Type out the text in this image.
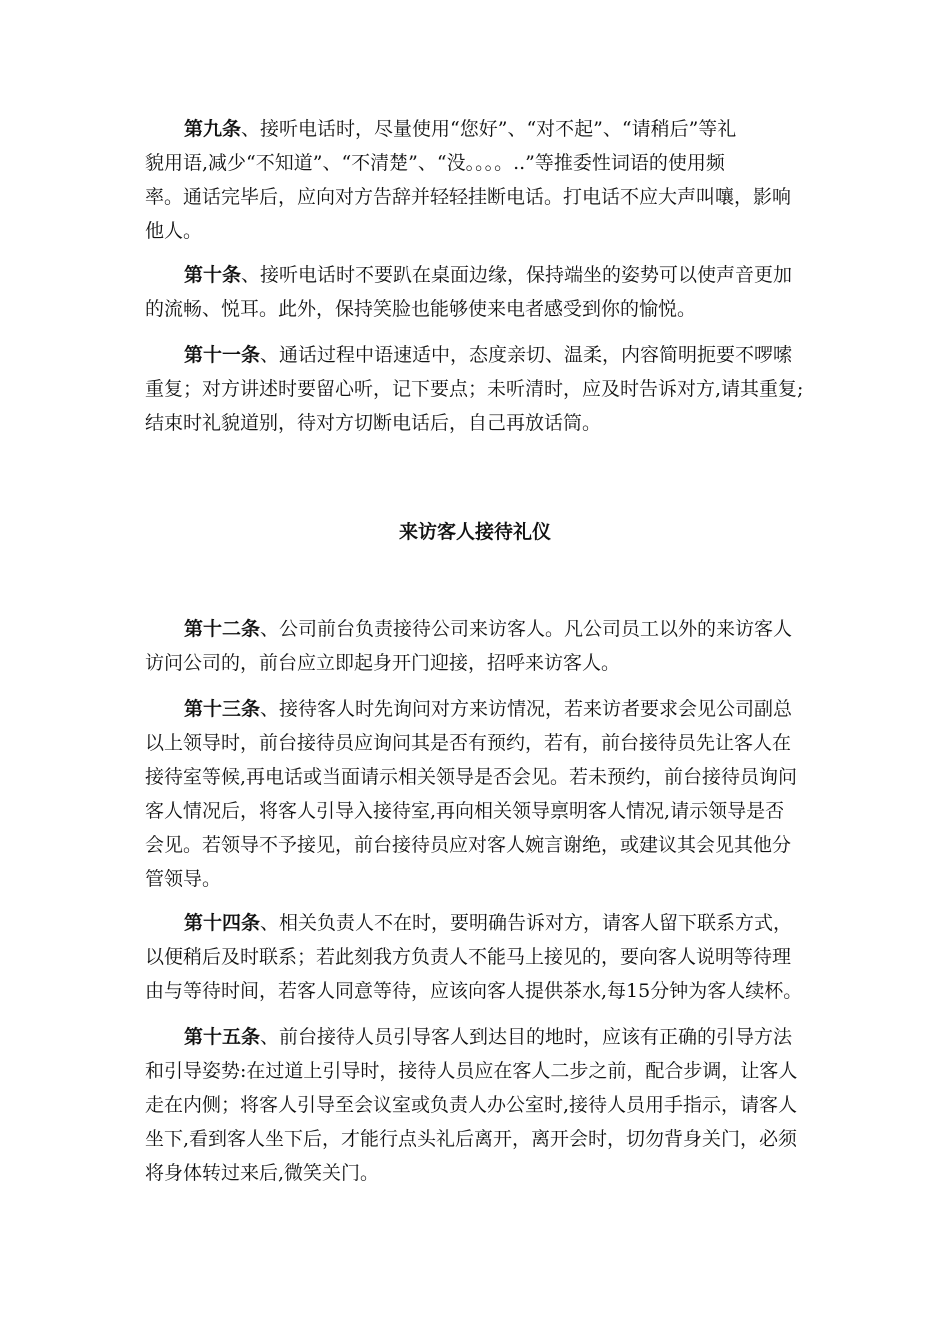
第九条、接听电话时，尽量使用“您好”、“对不起”、“请稍后”等礼
貌用语,减少“不知道”、“不清楚”、“没。。。。..”等推委性词语的使用频
率。通话完毕后，应向对方告辞并轻轻挂断电话。打电话不应大声叫嚷，影响
他人。
第十条、接听电话时不要趴在桌面边缘，保持端坐的姿势可以使声音更加
的流畅、悦耳。此外，保持笑脸也能够使来电者感受到你的愉悦。
第十一条、通话过程中语速适中，态度亲切、温柔，内容简明扼要不啰嗦
重复；对方讲述时要留心听，记下要点；未听清时，应及时告诉对方,请其重复;
结束时礼貌道别，待对方切断电话后，自己再放话筒。
来访客人接待礼仪
第十二条、公司前台负责接待公司来访客人。凡公司员工以外的来访客人
访问公司的，前台应立即起身开门迎接，招呼来访客人。
第十三条、接待客人时先询问对方来访情况，若来访者要求会见公司副总
以上领导时，前台接待员应询问其是否有预约，若有，前台接待员先让客人在
接待室等候,再电话或当面请示相关领导是否会见。若未预约，前台接待员询问
客人情况后，将客人引导入接待室,再向相关领导禀明客人情况,请示领导是否
会见。若领导不予接见，前台接待员应对客人婉言谢绝，或建议其会见其他分
管领导。
第十四条、相关负责人不在时，要明确告诉对方，请客人留下联系方式，
以便稍后及时联系；若此刻我方负责人不能马上接见的，要向客人说明等待理
由与等待时间，若客人同意等待，应该向客人提供茶水,每15分钟为客人续杯。
第十五条、前台接待人员引导客人到达目的地时，应该有正确的引导方法
和引导姿势:在过道上引导时，接待人员应在客人二步之前，配合步调，让客人
走在内侧；将客人引导至会议室或负责人办公室时,接待人员用手指示，请客人
坐下,看到客人坐下后，才能行点头礼后离开，离开会时，切勿背身关门，必须
将身体转过来后,微笑关门。
